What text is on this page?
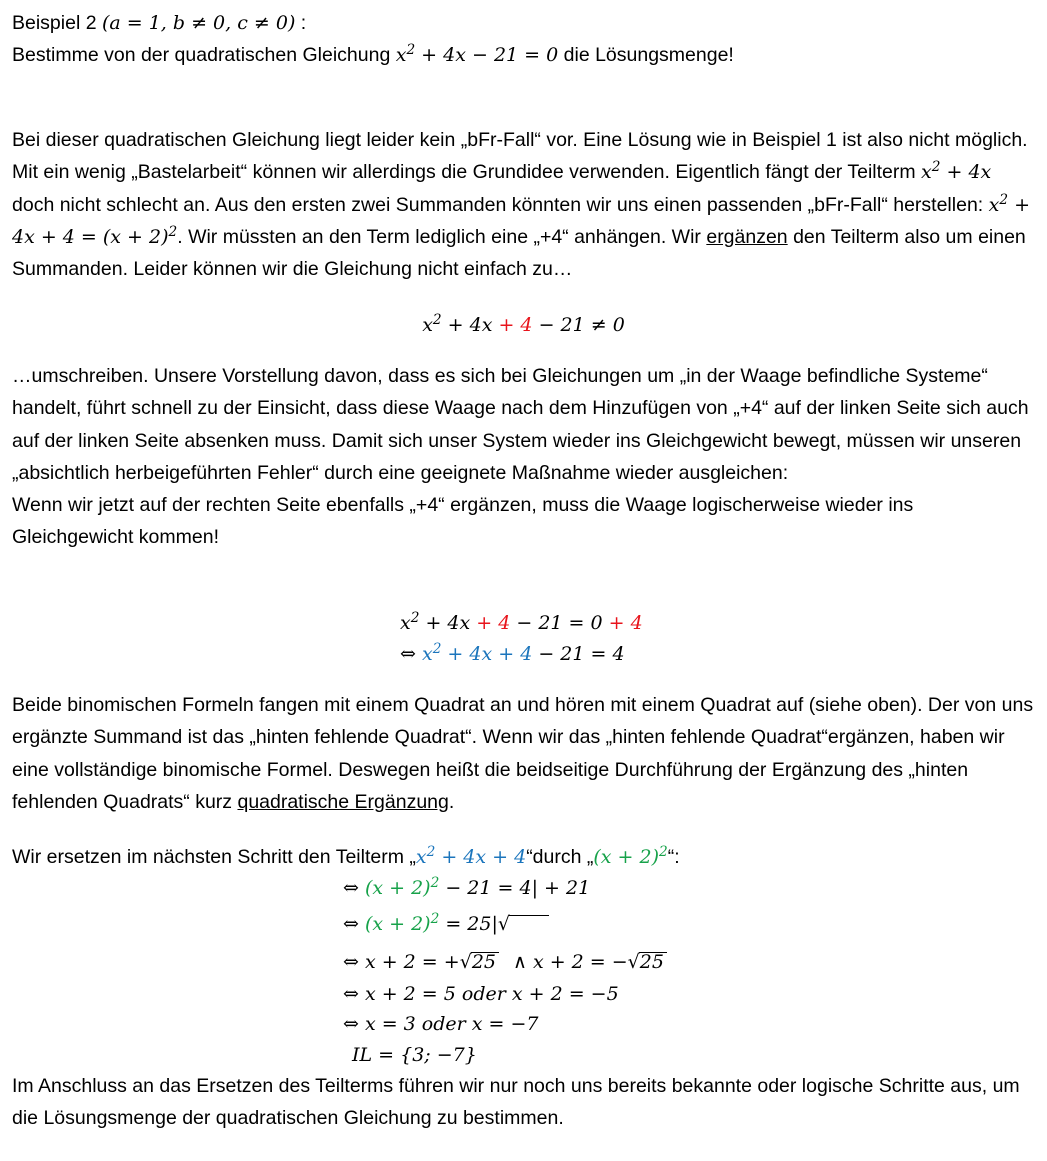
Beispiel 2 (a = 1, b ≠ 0, c ≠ 0) :
Bestimme von der quadratischen Gleichung $x^2 + 4x - 21 = 0$ die Lösungsmenge!
Bei dieser quadratischen Gleichung liegt leider kein „bFr-Fall“ vor. Eine Lösung wie in Beispiel 1 ist also nicht möglich. Mit ein wenig „Bastelarbeit“ können wir allerdings die Grundidee verwenden. Eigentlich fängt der Teilterm $x^2 + 4x$ doch nicht schlecht an. Aus den ersten zwei Summanden könnten wir uns einen passenden „bFr-Fall“ herstellen: $x^2 + 4x + 4 = (x + 2)^2$. Wir müssten an den Term lediglich eine „+4“ anhängen. Wir ergänzen den Teilterm also um einen Summanden. Leider können wir die Gleichung nicht einfach zu…
$x^2 + 4x + 4 - 21 \ne 0$
…umschreiben. Unsere Vorstellung davon, dass es sich bei Gleichungen um „in der Waage befindliche Systeme“ handelt, führt schnell zu der Einsicht, dass diese Waage nach dem Hinzufügen von „+4“ auf der linken Seite sich auch auf der linken Seite absenken muss. Damit sich unser System wieder ins Gleichgewicht bewegt, müssen wir unseren „absichtlich herbeigeführten Fehler“ durch eine geeignete Maßnahme wieder ausgleichen:
Wenn wir jetzt auf der rechten Seite ebenfalls „+4“ ergänzen, muss die Waage logischerweise wieder ins Gleichgewicht kommen!
$x^2 + 4x + 4 - 21 = 0 + 4$
⇔ $x^2 + 4x + 4 - 21 = 4$
Beide binomischen Formeln fangen mit einem Quadrat an und hören mit einem Quadrat auf (siehe oben). Der von uns ergänzte Summand ist das „hinten fehlende Quadrat“. Wenn wir das „hinten fehlende Quadrat“ergänzen, haben wir eine vollständige binomische Formel. Deswegen heißt die beidseitige Durchführung der Ergänzung des „hinten fehlenden Quadrats“ kurz quadratische Ergänzung.
Wir ersetzen im nächsten Schritt den Teilterm $„x^2 + 4x$ + 4“durch „(x + 2)$^2$“:
⇔ $(x + 2)^2 - 21 = 4| + 21$
⇔ $(x + 2)^2 = 25|√$
⇔ x + 2 = +√25 ∧ x + 2 = −√25
⇔ x + 2 = 5 oder x + 2 = −5
⇔ x = 3 oder x = −7
IL = {3; −7}
Im Anschluss an das Ersetzen des Teilterms führen wir nur noch uns bereits bekannte oder logische Schritte aus, um die Lösungsmenge der quadratischen Gleichung zu bestimmen.
